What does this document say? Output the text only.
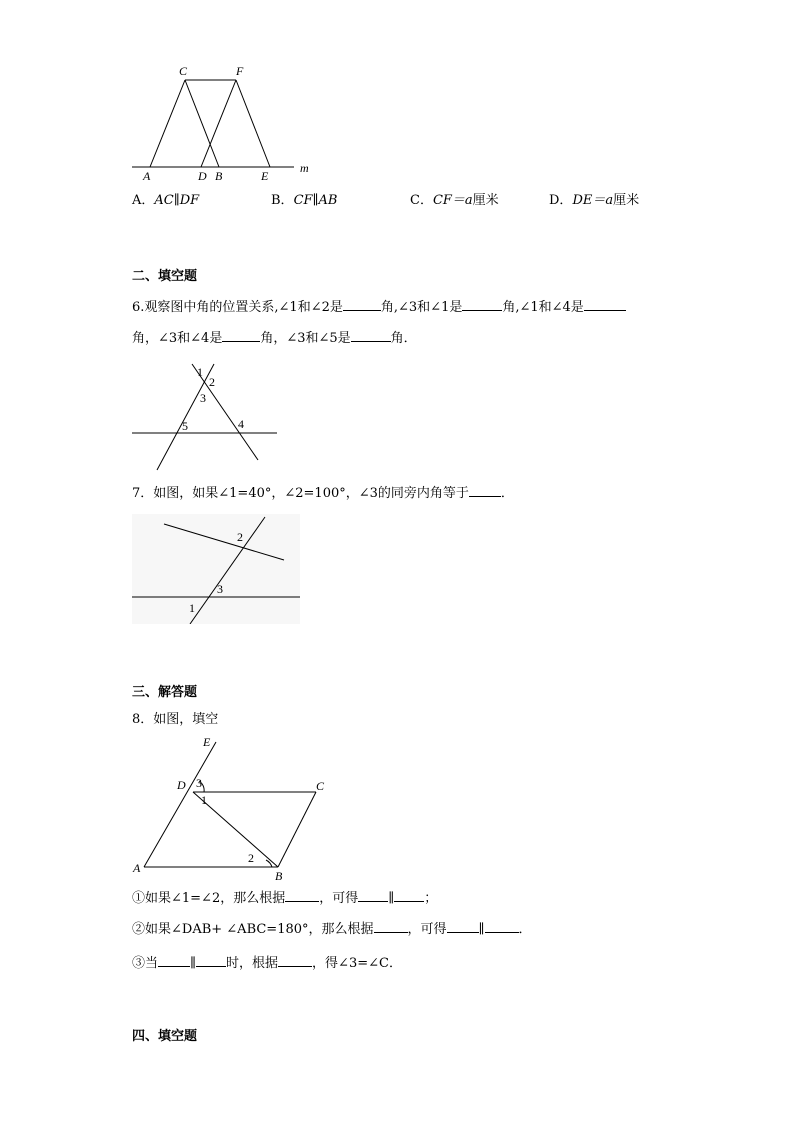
C	F
A	D B	E
m
A．AC∥DF	B．CF∥AB	C．CF＝a厘米	D．DE＝a厘米
二、填空题
6.观察图中角的位置关系,∠1和∠2是	角,∠3和∠1是	角,∠1和∠4是
角，∠3和∠4是	角，∠3和∠5是	角．
1
2
3
4
5
7．如图，如果∠1=40°，∠2=100°，∠3的同旁内角等于 ．
2
3
1
三、解答题
8．如图，填空
E
D 3
1
C
A
2
B
①如果∠1=∠2，那么根据	，可得 ∥ ；
②如果∠DAB+ ∠ABC=180°，那么根据	，可得 ∥	．
③当 ∥ 时，根据	，得∠3=∠C．
四、填空题
